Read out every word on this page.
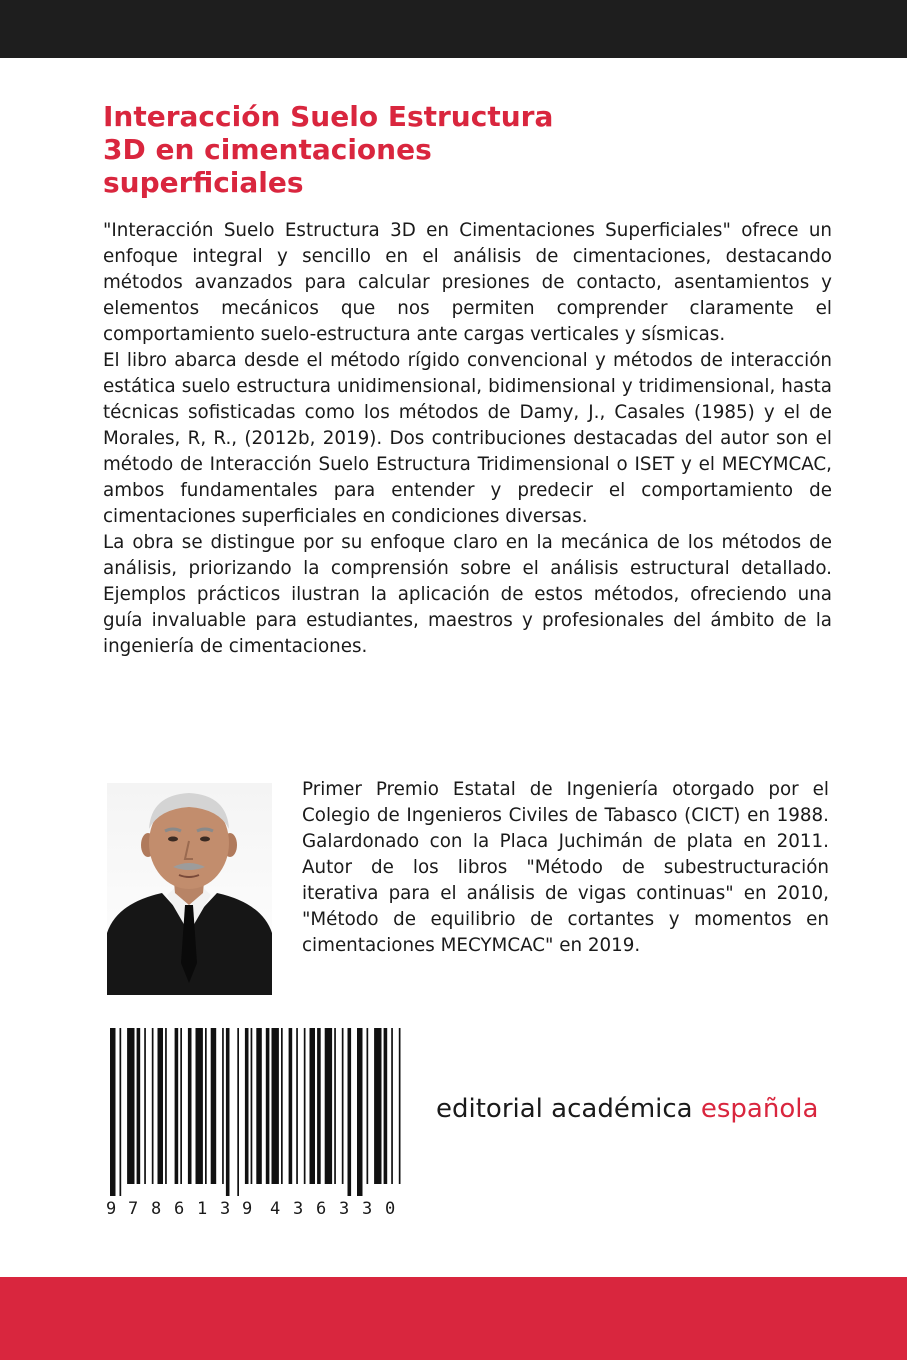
Interacción Suelo Estructura
3D en cimentaciones
superficiales

"Interacción Suelo Estructura 3D en Cimentaciones Superficiales" ofrece un enfoque integral y sencillo en el análisis de cimentaciones, destacando métodos avanzados para calcular presiones de contacto, asentamientos y elementos mecánicos que nos permiten comprender claramente el comportamiento suelo-estructura ante cargas verticales y sísmicas.

El libro abarca desde el método rígido convencional y métodos de interacción estática suelo estructura unidimensional, bidimensional y tridimensional, hasta técnicas sofisticadas como los métodos de Damy, J., Casales (1985) y el de Morales, R, R., (2012b, 2019). Dos contribuciones destacadas del autor son el método de Interacción Suelo Estructura Tridimensional o ISET y el MECYMCAC, ambos fundamentales para entender y predecir el comportamiento de cimentaciones superficiales en condiciones diversas.

La obra se distingue por su enfoque claro en la mecánica de los métodos de análisis, priorizando la comprensión sobre el análisis estructural detallado. Ejemplos prácticos ilustran la aplicación de estos métodos, ofreciendo una guía invaluable para estudiantes, maestros y profesionales del ámbito de la ingeniería de cimentaciones.

Primer Premio Estatal de Ingeniería otorgado por el Colegio de Ingenieros Civiles de Tabasco (CICT) en 1988. Galardonado con la Placa Juchimán de plata en 2011. Autor de los libros "Método de subestructuración iterativa para el análisis de vigas continuas" en 2010, "Método de equilibrio de cortantes y momentos en cimentaciones MECYMCAC" en 2019.

9 7 8 6 1 3 9 4 3 6 3 3 0
editorial académica española
